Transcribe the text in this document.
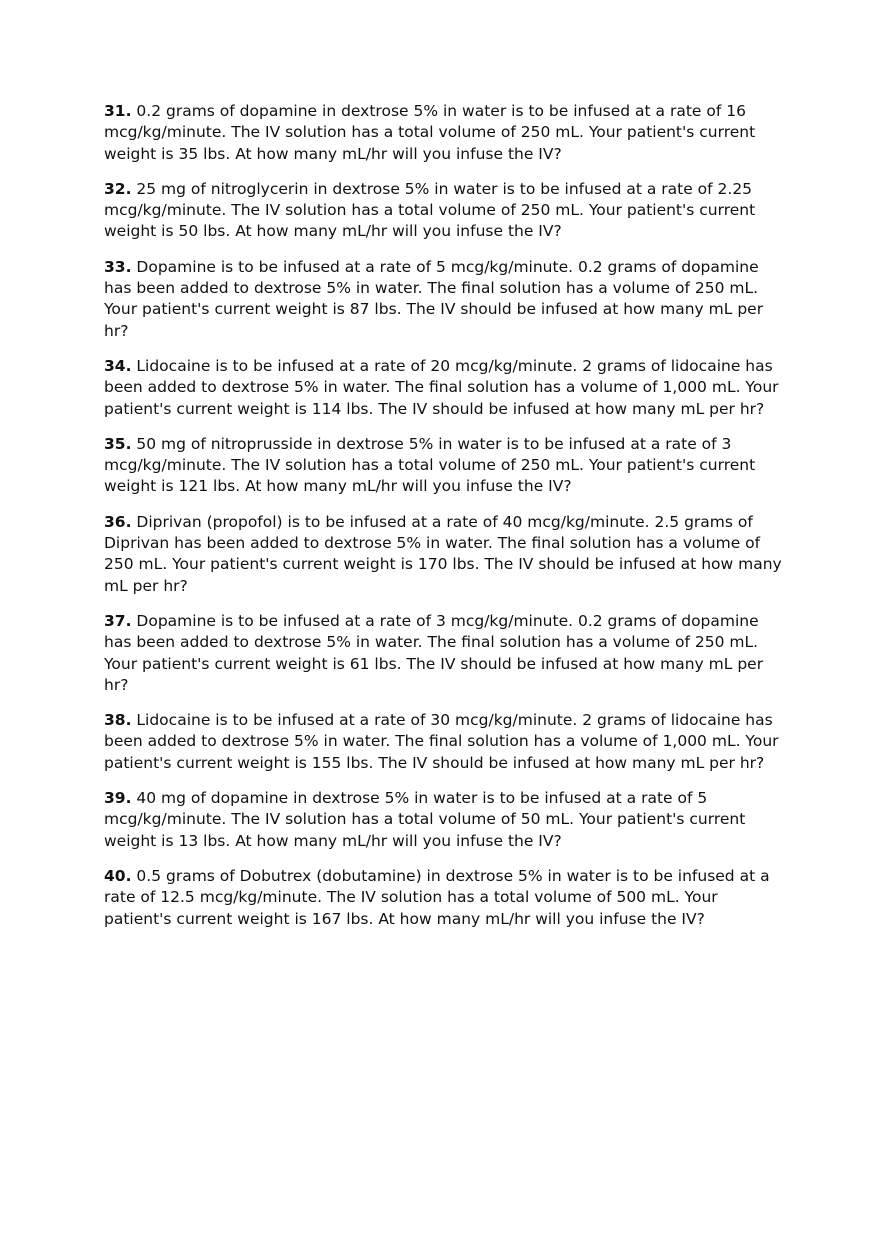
31. 0.2 grams of dopamine in dextrose 5% in water is to be infused at a rate of 16 mcg/kg/minute. The IV solution has a total volume of 250 mL. Your patient's current weight is 35 lbs. At how many mL/hr will you infuse the IV?

32. 25 mg of nitroglycerin in dextrose 5% in water is to be infused at a rate of 2.25 mcg/kg/minute. The IV solution has a total volume of 250 mL. Your patient's current weight is 50 lbs. At how many mL/hr will you infuse the IV?

33. Dopamine is to be infused at a rate of 5 mcg/kg/minute. 0.2 grams of dopamine has been added to dextrose 5% in water. The final solution has a volume of 250 mL. Your patient's current weight is 87 lbs. The IV should be infused at how many mL per hr?

34. Lidocaine is to be infused at a rate of 20 mcg/kg/minute. 2 grams of lidocaine has been added to dextrose 5% in water. The final solution has a volume of 1,000 mL. Your patient's current weight is 114 lbs. The IV should be infused at how many mL per hr?

35. 50 mg of nitroprusside in dextrose 5% in water is to be infused at a rate of 3 mcg/kg/minute. The IV solution has a total volume of 250 mL. Your patient's current weight is 121 lbs. At how many mL/hr will you infuse the IV?

36. Diprivan (propofol) is to be infused at a rate of 40 mcg/kg/minute. 2.5 grams of Diprivan has been added to dextrose 5% in water. The final solution has a volume of 250 mL. Your patient's current weight is 170 lbs. The IV should be infused at how many mL per hr?

37. Dopamine is to be infused at a rate of 3 mcg/kg/minute. 0.2 grams of dopamine has been added to dextrose 5% in water. The final solution has a volume of 250 mL. Your patient's current weight is 61 lbs. The IV should be infused at how many mL per hr?

38. Lidocaine is to be infused at a rate of 30 mcg/kg/minute. 2 grams of lidocaine has been added to dextrose 5% in water. The final solution has a volume of 1,000 mL. Your patient's current weight is 155 lbs. The IV should be infused at how many mL per hr?

39. 40 mg of dopamine in dextrose 5% in water is to be infused at a rate of 5 mcg/kg/minute. The IV solution has a total volume of 50 mL. Your patient's current weight is 13 lbs. At how many mL/hr will you infuse the IV?

40. 0.5 grams of Dobutrex (dobutamine) in dextrose 5% in water is to be infused at a rate of 12.5 mcg/kg/minute. The IV solution has a total volume of 500 mL. Your patient's current weight is 167 lbs. At how many mL/hr will you infuse the IV?
